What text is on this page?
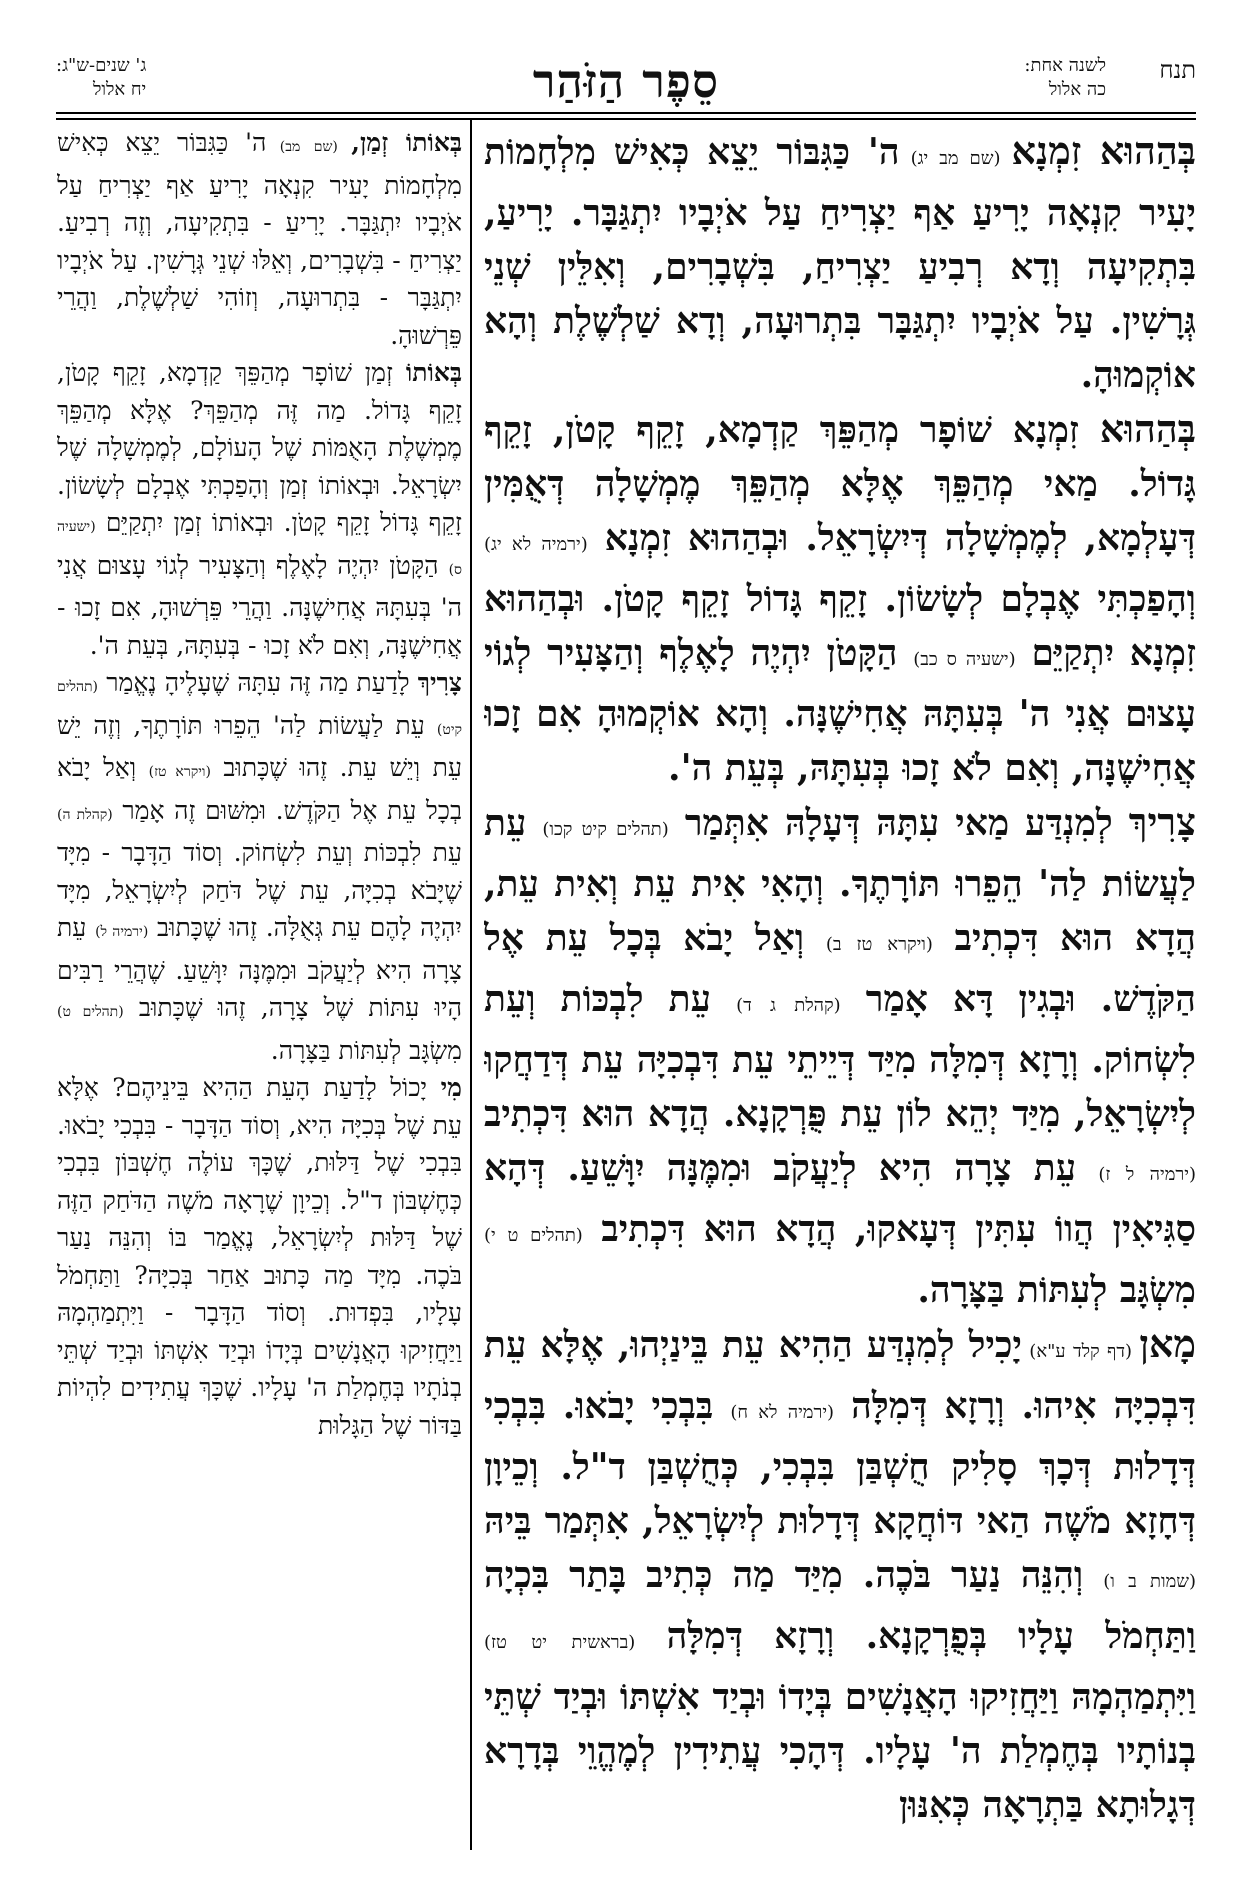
תנח
לשנה אחת:
כה אלול
סֵפֶר הַזֹּהַר
ג' שנים-ש"ג:
יח אלול

בְּהַהוּא זִמְנָא (שם מב יג) ה' כַּגִּבּוֹר יֵצֵא כְּאִישׁ מִלְחָמוֹת יָעִיר קִנְאָה יָרִיעַ אַף יַצְרִיחַ עַל אֹיְבָיו יִתְגַּבָּר. יָרִיעַ, בִּתְקִיעָה וְדָא רְבִיעַ יַצְרִיחַ, בִּשְׁבָרִים, וְאִלֵּין שְׁנֵי גְּרָשִׁין. עַל אֹיְבָיו יִתְגַּבָּר בִּתְרוּעָה, וְדָא שַׁלְשֶׁלֶת וְהָא אוֹקְמוּהָ.

בְּהַהוּא זִמְנָא שׁוֹפָר מְהַפֵּךְ קַדְמָא, זָקֵף קָטֹן, זָקֵף גָּדוֹל. מַאי מְהַפֵּךְ אֶלָּא מְהַפֵּךְ מֶמְשָׁלָה דְּאֻמִּין דְּעָלְמָא, לְמֶמְשָׁלָה דְּיִשְׂרָאֵל. וּבְהַהוּא זִמְנָא (ירמיה לא יג) וְהָפַכְתִּי אֶבְלָם לְשָׂשׂוֹן. זָקֵף גָּדוֹל זָקֵף קָטֹן. וּבְהַהוּא זִמְנָא יִתְקַיֵּם (ישעיה ס כב) הַקָּטֹן יִהְיֶה לָאֶלֶף וְהַצָּעִיר לְגוֹי עָצוּם אֲנִי ה' בְּעִתָּהּ אֲחִישֶׁנָּה. וְהָא אוֹקְמוּהָ אִם זָכוּ אֲחִישֶׁנָּה, וְאִם לֹא זָכוּ בְּעִתָּהּ, בְּעֵת ה'.

צָרִיךְ לְמִנְדַּע מַאי עִתָּהּ דְּעָלָהּ אִתְּמַר (תהלים קיט קכו) עֵת לַעֲשׂוֹת לַה' הֵפֵרוּ תּוֹרָתֶךָ. וְהָאִי אִית עֵת וְאִית עֵת, הֲדָא הוּא דִּכְתִיב (ויקרא טז ב) וְאַל יָבֹא בְּכָל עֵת אֶל הַקֹּדֶשׁ. וּבְגִין דָּא אָמַר (קהלת ג ד) עֵת לִבְכּוֹת וְעֵת לִשְׂחוֹק. וְרָזָא דְּמִלָּה מִיַּד דְּיֵיתֵי עֵת דִּבְכִיָּה עֵת דְּדַחֲקוּ לְיִשְׂרָאֵל, מִיַּד יְהֵא לוֹן עֵת פֻּרְקָנָא. הֲדָא הוּא דִּכְתִיב (ירמיה ל ז) עֵת צָרָה הִיא לְיַעֲקֹב וּמִמֶּנָּה יִוָּשֵׁעַ. דְּהָא סַגִּיאִין הֲווֹ עִתִּין דְּעָאקוּ, הֲדָא הוּא דִּכְתִיב (תהלים ט י) מִשְׂגָּב לְעִתּוֹת בַּצָּרָה.

מָאן (דף קלד ע"א) יָכִיל לְמִנְדַּע הַהִיא עֵת בֵּינַיְהוּ, אֶלָּא עֵת דִּבְכִיָּה אִיהוּ. וְרָזָא דְּמִלָּה (ירמיה לא ח) בִּבְכִי יָבֹאוּ. בִּבְכִי דְּדָלוּת דְּכָךְ סָלִיק חֻשְׁבַּן בִּבְכִי, כְּחֻשְׁבַּן ד"ל. וְכֵיוָן דְּחָזָא מֹשֶׁה הַאי דּוֹחֲקָא דְּדָלוּת לְיִשְׂרָאֵל, אִתְּמַר בֵּיהּ (שמות ב ו) וְהִנֵּה נַעַר בֹּכֶה. מִיַּד מַה כְּתִיב בָּתַר בִּכְיָה וַתַּחְמֹל עָלָיו בְּפֻרְקָנָא. וְרָזָא דְּמִלָּה (בראשית יט טז) וַיִּתְמַהְמָהּ וַיַּחֲזִיקוּ הָאֲנָשִׁים בְּיָדוֹ וּבְיַד אִשְׁתּוֹ וּבְיַד שְׁתֵּי בְנוֹתָיו בְּחֶמְלַת ה' עָלָיו. דְּהָכִי עֲתִידִין לְמֶהֱוֵי בְּדָרָא דְּגָלוּתָא בַּתְרָאָה כְּאִנּוּן

בְּאוֹתוֹ זְמַן, (שם מב) ה' כַּגִּבּוֹר יֵצֵא כְּאִישׁ מִלְחָמוֹת יָעִיר קִנְאָה יָרִיעַ אַף יַצְרִיחַ עַל אֹיְבָיו יִתְגַּבָּר. יָרִיעַ - בִּתְקִיעָה, וְזֶה רְבִיעַ. יַצְרִיחַ - בִּשְׁבָרִים, וְאֵלּוּ שְׁנֵי גְּרָשִׁין. עַל אֹיְבָיו יִתְגַּבָּר - בִּתְרוּעָה, וְזוֹהִי שַׁלְשֶׁלֶת, וַהֲרֵי פֵּרְשׁוּהָ.

בְּאוֹתוֹ זְמַן שׁוֹפָר מְהַפֵּךְ קַדְמָא, זָקֵף קָטֹן, זָקֵף גָּדוֹל. מַה זֶּה מְהַפֵּךְ? אֶלָּא מְהַפֵּךְ מֶמְשֶׁלֶת הָאֻמּוֹת שֶׁל הָעוֹלָם, לְמֶמְשָׁלָה שֶׁל יִשְׂרָאֵל. וּבְאוֹתוֹ זְמַן וְהָפַכְתִּי אֶבְלָם לְשָׂשׂוֹן. זָקֵף גָּדוֹל זָקֵף קָטֹן. וּבְאוֹתוֹ זְמַן יִתְקַיֵּם (ישעיה ס) הַקָּטֹן יִהְיֶה לָאֶלֶף וְהַצָּעִיר לְגוֹי עָצוּם אֲנִי ה' בְּעִתָּהּ אֲחִישֶׁנָּה. וַהֲרֵי פֵּרְשׁוּהָ, אִם זָכוּ - אֲחִישֶׁנָּה, וְאִם לֹא זָכוּ - בְּעִתָּהּ, בְּעֵת ה'.

צָרִיךְ לָדַעַת מַה זֶּה עִתָּהּ שֶׁעָלֶיהָ נֶאֱמַר (תהלים קיט) עֵת לַעֲשׂוֹת לַה' הֵפֵרוּ תּוֹרָתֶךָ, וְזֶה יֵשׁ עֵת וְיֵשׁ עֵת. זֶהוּ שֶׁכָּתוּב (ויקרא טז) וְאַל יָבֹא בְכָל עֵת אֶל הַקֹּדֶשׁ. וּמִשּׁוּם זֶה אָמַר (קהלת ה) עֵת לִבְכּוֹת וְעֵת לִשְׂחוֹק. וְסוֹד הַדָּבָר - מִיָּד שֶׁיָּבֹא בְכִיָּה, עֵת שֶׁל דֹּחַק לְיִשְׂרָאֵל, מִיָּד יִהְיֶה לָהֶם עֵת גְּאֻלָּה. זֶהוּ שֶׁכָּתוּב (ירמיה ל) עֵת צָרָה הִיא לְיַעֲקֹב וּמִמֶּנָּה יִוָּשֵׁעַ. שֶׁהֲרֵי רַבִּים הָיוּ עִתּוֹת שֶׁל צָרָה, זֶהוּ שֶׁכָּתוּב (תהלים ט) מִשְׂגָּב לְעִתּוֹת בַּצָּרָה.

מִי יָכוֹל לָדַעַת הָעֵת הַהִיא בֵּינֵיהֶם? אֶלָּא עֵת שֶׁל בְּכִיָּה הִיא, וְסוֹד הַדָּבָר - בִּבְכִי יָבֹאוּ. בִּבְכִי שֶׁל דַּלּוּת, שֶׁכָּךְ עוֹלֶה חֶשְׁבּוֹן בִּבְכִי כְּחֶשְׁבּוֹן ד"ל. וְכֵיוָן שֶׁרָאָה מֹשֶׁה הַדֹּחַק הַזֶּה שֶׁל דַּלּוּת לְיִשְׂרָאֵל, נֶאֱמַר בּוֹ וְהִנֵּה נַעַר בֹּכֶה. מִיָּד מַה כָּתוּב אַחַר בְּכִיָּה? וַתַּחְמֹל עָלָיו, בִּפְדוּת. וְסוֹד הַדָּבָר - וַיִּתְמַהְמָהּ וַיַּחֲזִיקוּ הָאֲנָשִׁים בְּיָדוֹ וּבְיַד אִשְׁתּוֹ וּבְיַד שְׁתֵּי בְנֹתָיו בְּחֶמְלַת ה' עָלָיו. שֶׁכָּךְ עֲתִידִים לִהְיוֹת בַּדּוֹר שֶׁל הַגָּלוּת
